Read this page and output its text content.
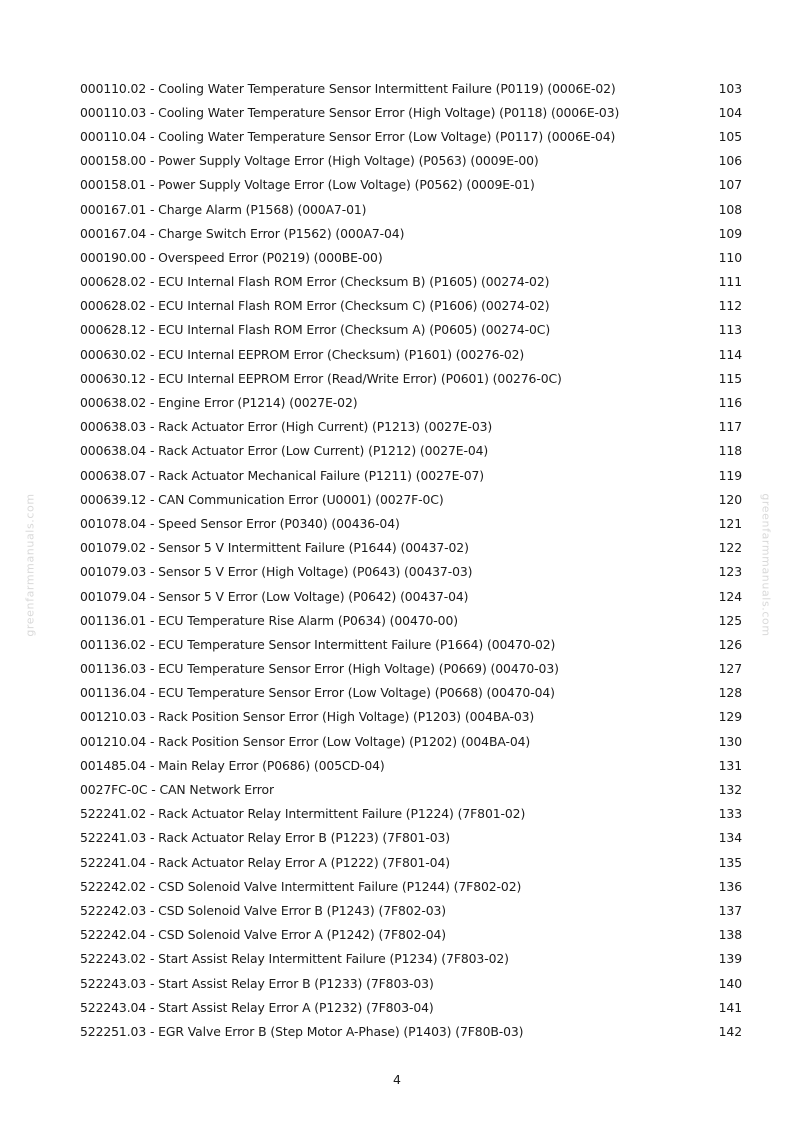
greenfarmmanuals.com	greenfarmmanuals.com
000110.02 - Cooling Water Temperature Sensor Intermittent Failure (P0119) (0006E-02)	103
000110.03 - Cooling Water Temperature Sensor Error (High Voltage) (P0118) (0006E-03)	104
000110.04 - Cooling Water Temperature Sensor Error (Low Voltage) (P0117) (0006E-04)	105
000158.00 - Power Supply Voltage Error (High Voltage) (P0563) (0009E-00)	106
000158.01 - Power Supply Voltage Error (Low Voltage) (P0562) (0009E-01)	107
000167.01 - Charge Alarm (P1568) (000A7-01)	108
000167.04 - Charge Switch Error (P1562) (000A7-04)	109
000190.00 - Overspeed Error (P0219) (000BE-00)	110
000628.02 - ECU Internal Flash ROM Error (Checksum B) (P1605) (00274-02)	111
000628.02 - ECU Internal Flash ROM Error (Checksum C) (P1606) (00274-02)	112
000628.12 - ECU Internal Flash ROM Error (Checksum A) (P0605) (00274-0C)	113
000630.02 - ECU Internal EEPROM Error (Checksum) (P1601) (00276-02)	114
000630.12 - ECU Internal EEPROM Error (Read/Write Error) (P0601) (00276-0C)	115
000638.02 - Engine Error (P1214) (0027E-02)	116
000638.03 - Rack Actuator Error (High Current) (P1213) (0027E-03)	117
000638.04 - Rack Actuator Error (Low Current) (P1212) (0027E-04)	118
000638.07 - Rack Actuator Mechanical Failure (P1211) (0027E-07)	119
000639.12 - CAN Communication Error (U0001) (0027F-0C)	120
001078.04 - Speed Sensor Error (P0340) (00436-04)	121
001079.02 - Sensor 5 V Intermittent Failure (P1644) (00437-02)	122
001079.03 - Sensor 5 V Error (High Voltage) (P0643) (00437-03)	123
001079.04 - Sensor 5 V Error (Low Voltage) (P0642) (00437-04)	124
001136.01 - ECU Temperature Rise Alarm (P0634) (00470-00)	125
001136.02 - ECU Temperature Sensor Intermittent Failure (P1664) (00470-02)	126
001136.03 - ECU Temperature Sensor Error (High Voltage) (P0669) (00470-03)	127
001136.04 - ECU Temperature Sensor Error (Low Voltage) (P0668) (00470-04)	128
001210.03 - Rack Position Sensor Error (High Voltage) (P1203) (004BA-03)	129
001210.04 - Rack Position Sensor Error (Low Voltage) (P1202) (004BA-04)	130
001485.04 - Main Relay Error (P0686) (005CD-04)	131
0027FC-0C - CAN Network Error	132
522241.02 - Rack Actuator Relay Intermittent Failure (P1224) (7F801-02)	133
522241.03 - Rack Actuator Relay Error B (P1223) (7F801-03)	134
522241.04 - Rack Actuator Relay Error A (P1222) (7F801-04)	135
522242.02 - CSD Solenoid Valve Intermittent Failure (P1244) (7F802-02)	136
522242.03 - CSD Solenoid Valve Error B (P1243) (7F802-03)	137
522242.04 - CSD Solenoid Valve Error A (P1242) (7F802-04)	138
522243.02 - Start Assist Relay Intermittent Failure (P1234) (7F803-02)	139
522243.03 - Start Assist Relay Error B (P1233) (7F803-03)	140
522243.04 - Start Assist Relay Error A (P1232) (7F803-04)	141
522251.03 - EGR Valve Error B (Step Motor A-Phase) (P1403) (7F80B-03)	142
4
